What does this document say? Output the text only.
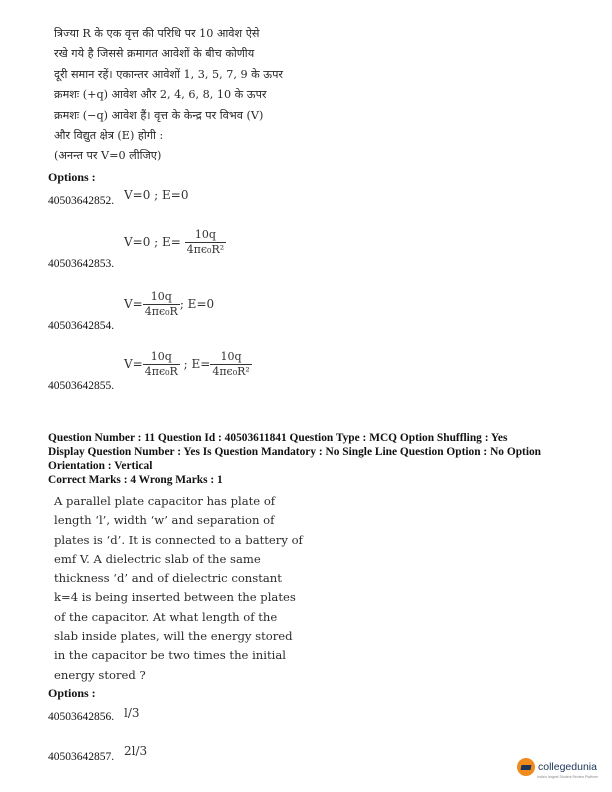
त्रिज्या R के एक वृत्त की परिधि पर 10 आवेश ऐसे
रखे गये है जिससे क्रमागत आवेशों के बीच कोणीय
दूरी समान रहें। एकान्तर आवेशों 1, 3, 5, 7, 9 के ऊपर
क्रमशः (+q) आवेश और 2, 4, 6, 8, 10 के ऊपर
क्रमशः (−q) आवेश हैं। वृत्त के केन्द्र पर विभव (V)
और विद्युत क्षेत्र (E) होगी :
(अनन्त पर V=0 लीजिए)
Options :
40503642852. V=0 ; E=0
40503642853.
V=0 ; $E= \frac{10q}{\text{4πϵ₀R²}}$
40503642854.
$V= \frac{10q}{\text{4πϵ₀R}}$ ; E=0
40503642855.
$V= \frac{10q}{\text{4πϵ₀R}}$ ; $E= \frac{10q}{\text{4πϵ₀R²}}$
Question Number : 11 Question Id : 40503611841 Question Type : MCQ Option Shuffling : Yes
Display Question Number : Yes Is Question Mandatory : No Single Line Question Option : No Option
Orientation : Vertical
Correct Marks : 4 Wrong Marks : 1
A parallel plate capacitor has plate of
length ‘l’, width ‘w’ and separation of
plates is ‘d’. It is connected to a battery of
emf V. A dielectric slab of the same
thickness ‘d’ and of dielectric constant
k=4 is being inserted between the plates
of the capacitor. At what length of the
slab inside plates, will the energy stored
in the capacitor be two times the initial
energy stored ?
Options :
40503642856. l/3
40503642857. 2l/3
collegedunia
India's largest Student Review Platform
